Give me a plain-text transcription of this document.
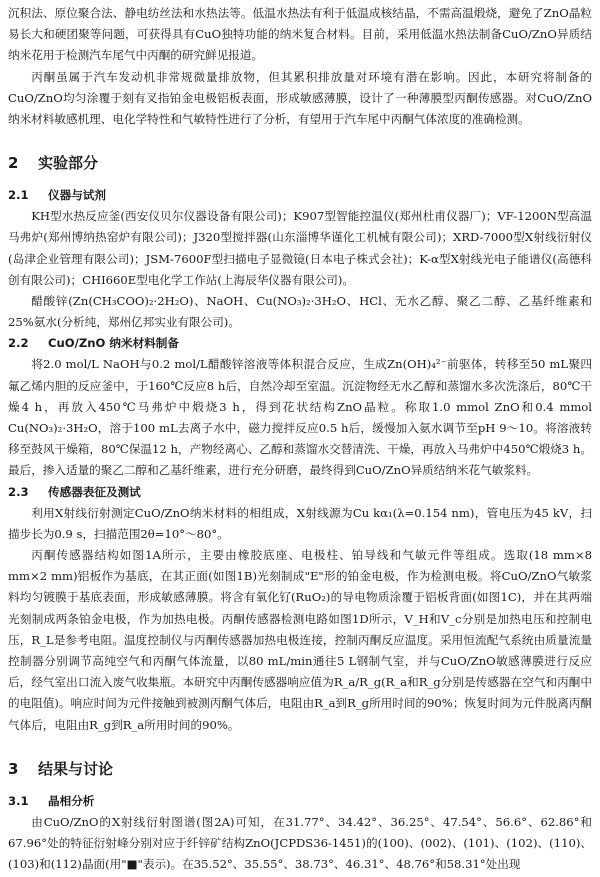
沉积法、原位聚合法、静电纺丝法和水热法等。低温水热法有利于低温成核结晶，不需高温煅烧，避免了ZnO晶粒易长大和硬团聚等问题，可获得具有CuO独特功能的纳米复合材料。目前，采用低温水热法制备CuO/ZnO异质结纳米花用于检测汽车尾气中丙酮的研究鲜见报道。

丙酮虽属于汽车发动机非常规微量排放物，但其累积排放量对环境有潜在影响。因此，本研究将制备的CuO/ZnO均匀涂覆于刻有叉指铂金电极铝板表面，形成敏感薄膜，设计了一种薄膜型丙酮传感器。对CuO/ZnO纳米材料敏感机理、电化学特性和气敏特性进行了分析，有望用于汽车尾中丙酮气体浓度的准确检测。

2	实验部分
2.1	仪器与试剂

KH型水热反应釜(西安仪贝尔仪器设备有限公司)；K907型智能控温仪(郑州杜甫仪器厂)；VF-1200N型高温马弗炉(郑州博纳热窑炉有限公司)；J320型搅拌器(山东淄博华谨化工机械有限公司)；XRD-7000型X射线衍射仪(岛津企业管理有限公司)；JSM-7600F型扫描电子显微镜(日本电子株式会社)；K-α型X射线光电子能谱仪(高德科创有限公司)；CHI660E型电化学工作站(上海辰华仪器有限公司)。

醋酸锌(Zn(CH₃COO)₂·2H₂O)、NaOH、Cu(NO₃)₂·3H₂O、HCl、无水乙醇、聚乙二醇、乙基纤维素和25%氨水(分析纯，郑州亿邦实业有限公司)。

2.2	CuO/ZnO 纳米材料制备

将2.0 mol/L NaOH与0.2 mol/L醋酸锌溶液等体积混合反应，生成Zn(OH)₄²⁻前驱体，转移至50 mL聚四氟乙烯内胆的反应釜中，于160℃反应8 h后，自然冷却至室温。沉淀物经无水乙醇和蒸馏水多次洗涤后，80℃干燥4 h，再放入450℃马弗炉中煅烧3 h，得到花状结构ZnO晶粒。称取1.0 mmol ZnO和0.4 mmol Cu(NO₃)₂·3H₂O，溶于100 mL去离子水中，磁力搅拌反应0.5 h后，缓慢加入氨水调节至pH 9～10。将溶液转移至鼓风干燥箱，80℃保温12 h，产物经离心、乙醇和蒸馏水交替清洗、干燥，再放入马弗炉中450℃煅烧3 h。最后，掺入适量的聚乙二醇和乙基纤维素，进行充分研磨，最终得到CuO/ZnO异质结纳米花气敏浆料。

2.3	传感器表征及测试

利用X射线衍射测定CuO/ZnO纳米材料的相组成，X射线源为Cu kα₁(λ=0.154 nm)，管电压为45 kV，扫描步长为0.9 s，扫描范围2θ=10°～80°。

丙酮传感器结构如图1A所示，主要由橡胶底座、电极柱、铂导线和气敏元件等组成。选取(18 mm×8 mm×2 mm)铝板作为基底，在其正面(如图1B)光刻制成"E"形的铂金电极，作为检测电极。将CuO/ZnO气敏浆料均匀镀膜于基底表面，形成敏感薄膜。将含有氧化钌(RuO₂)的导电物质涂覆于铝板背面(如图1C)，并在其两端光刻制成两条铂金电极，作为加热电极。丙酮传感器检测电路如图1D所示，V_H和V_c分别是加热电压和控制电压，R_L是参考电阻。温度控制仪与丙酮传感器加热电极连接，控制丙酮反应温度。采用恒流配气系统由质量流量控制器分别调节高纯空气和丙酮气体流量，以80 mL/min通往5 L钢制气室，并与CuO/ZnO敏感薄膜进行反应后，经气室出口流入废气收集瓶。本研究中丙酮传感器响应值为R_a/R_g(R_a和R_g分别是传感器在空气和丙酮中的电阻值)。响应时间为元件接触到被测丙酮气体后，电阻由R_a到R_g所用时间的90%；恢复时间为元件脱离丙酮气体后，电阻由R_g到R_a所用时间的90%。

3	结果与讨论
3.1	晶相分析

由CuO/ZnO的X射线衍射图谱(图2A)可知，在31.77°、34.42°、36.25°、47.54°、56.6°、62.86°和67.96°处的特征衍射峰分别对应于纤锌矿结构ZnO(JCPDS36-1451)的(100)、(002)、(101)、(102)、(110)、(103)和(112)晶面(用"■"表示)。在35.52°、35.55°、38.73°、46.31°、48.76°和58.31°处出现
